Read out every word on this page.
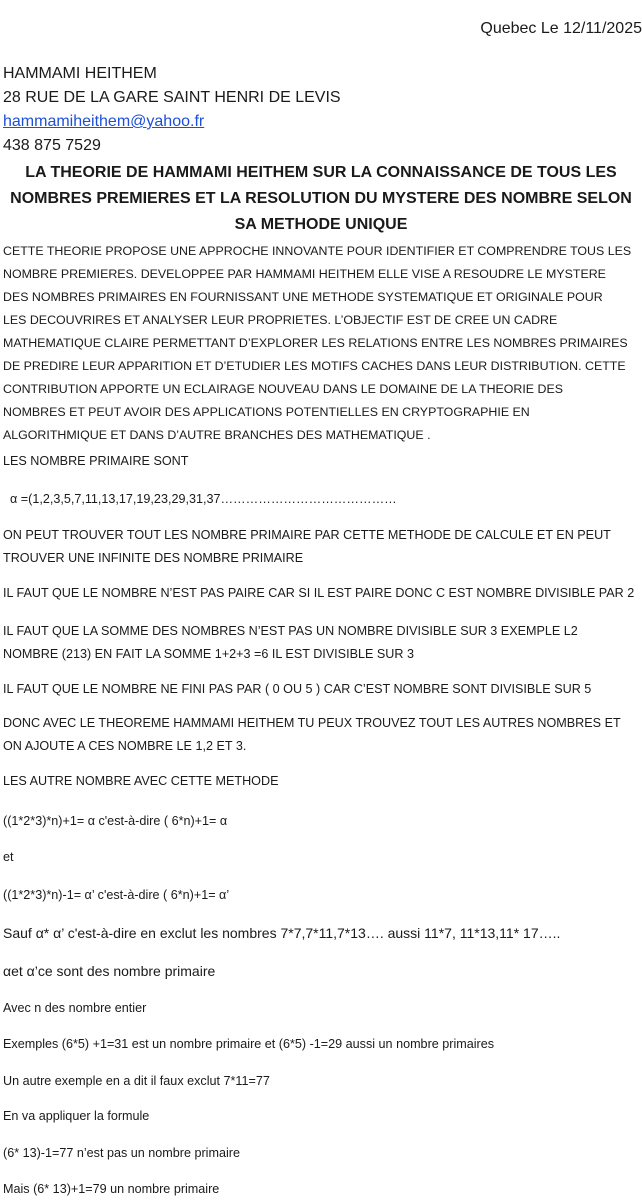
Quebec Le 12/11/2025
HAMMAMI HEITHEM
28 RUE DE LA GARE SAINT HENRI DE LEVIS
hammamiheithem@yahoo.fr
438 875 7529
LA THEORIE DE HAMMAMI HEITHEM SUR LA CONNAISSANCE DE TOUS LES
NOMBRES PREMIERES ET LA RESOLUTION DU MYSTERE DES NOMBRE SELON
SA METHODE UNIQUE
CETTE THEORIE PROPOSE UNE APPROCHE INNOVANTE POUR IDENTIFIER ET COMPRENDRE TOUS LES
NOMBRE PREMIERES. DEVELOPPEE PAR HAMMAMI HEITHEM ELLE VISE A RESOUDRE LE MYSTERE
DES NOMBRES PRIMAIRES EN FOURNISSANT UNE METHODE SYSTEMATIQUE ET ORIGINALE POUR
LES DECOUVRIRES ET ANALYSER LEUR PROPRIETES. L’OBJECTIF EST DE CREE UN CADRE
MATHEMATIQUE CLAIRE PERMETTANT D’EXPLORER LES RELATIONS ENTRE LES NOMBRES PRIMAIRES
DE PREDIRE LEUR APPARITION ET D’ETUDIER LES MOTIFS CACHES DANS LEUR DISTRIBUTION. CETTE
CONTRIBUTION APPORTE UN ECLAIRAGE NOUVEAU DANS LE DOMAINE DE LA THEORIE DES
NOMBRES ET PEUT AVOIR DES APPLICATIONS POTENTIELLES EN CRYPTOGRAPHIE EN
ALGORITHMIQUE ET DANS D’AUTRE BRANCHES DES MATHEMATIQUE .
LES NOMBRE PRIMAIRE SONT
α =(1,2,3,5,7,11,13,17,19,23,29,31,37……………………………………
ON PEUT TROUVER TOUT LES NOMBRE PRIMAIRE PAR CETTE METHODE DE CALCULE ET EN PEUT
TROUVER UNE INFINITE DES NOMBRE PRIMAIRE
IL FAUT QUE LE NOMBRE N’EST PAS PAIRE CAR SI IL EST PAIRE DONC C EST NOMBRE DIVISIBLE PAR 2
IL FAUT QUE LA SOMME DES NOMBRES N’EST PAS UN NOMBRE DIVISIBLE SUR 3 EXEMPLE L2
NOMBRE (213) EN FAIT LA SOMME 1+2+3 =6 IL EST DIVISIBLE SUR 3
IL FAUT QUE LE NOMBRE NE FINI PAS PAR ( 0 OU 5 ) CAR C’EST NOMBRE SONT DIVISIBLE SUR 5
DONC AVEC LE THEOREME HAMMAMI HEITHEM TU PEUX TROUVEZ TOUT LES AUTRES NOMBRES ET
ON AJOUTE A CES NOMBRE LE 1,2 ET 3.
LES AUTRE NOMBRE AVEC CETTE METHODE
((1*2*3)*n)+1= α c'est-à-dire ( 6*n)+1= α
et
((1*2*3)*n)-1= α’ c'est-à-dire ( 6*n)+1= α’
Sauf α* α’ c'est-à-dire en exclut les nombres 7*7,7*11,7*13…. aussi 11*7, 11*13,11* 17…..
αet α’ce sont des nombre primaire
Avec n des nombre entier
Exemples (6*5) +1=31 est un nombre primaire et (6*5) -1=29 aussi un nombre primaires
Un autre exemple en a dit il faux exclut 7*11=77
En va appliquer la formule
(6* 13)-1=77 n’est pas un nombre primaire
Mais (6* 13)+1=79 un nombre primaire
